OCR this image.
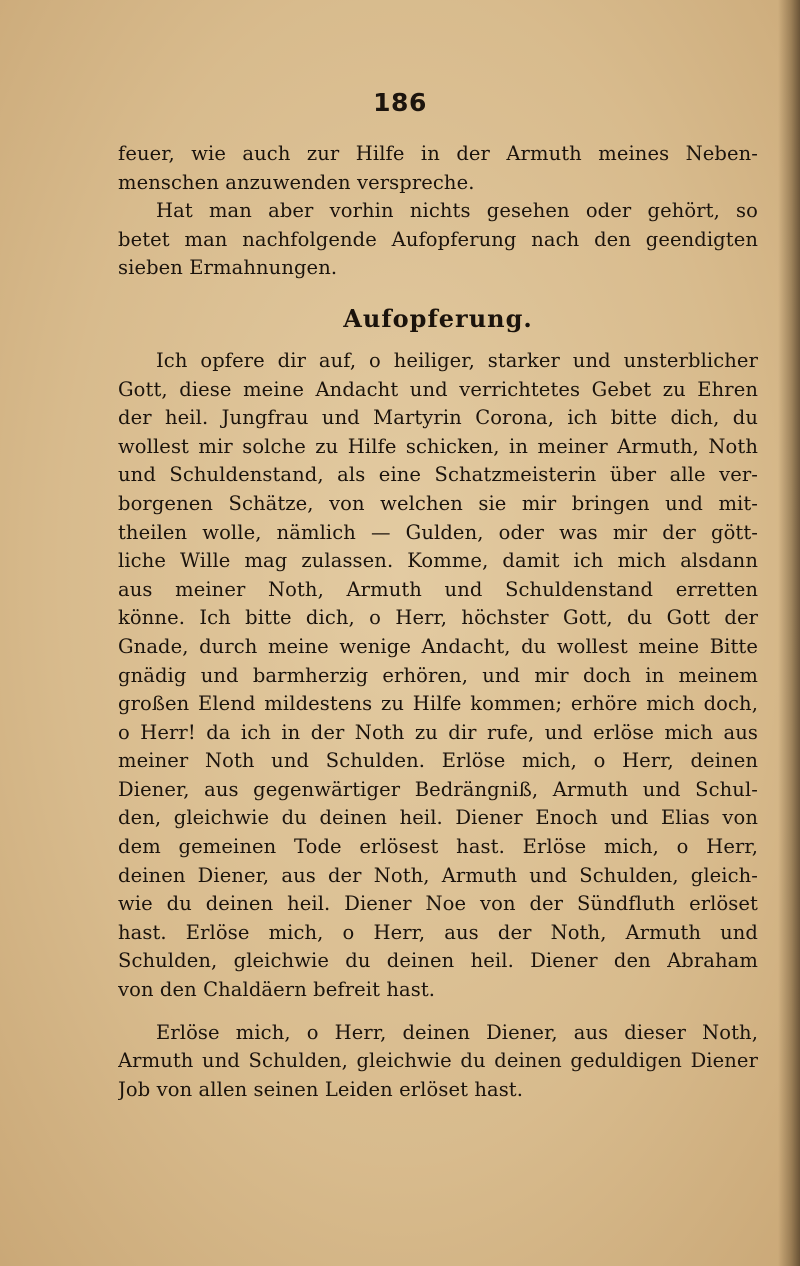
186
feuer, wie auch zur Hilfe in der Armuth meines Neben-
menschen anzuwenden verspreche.
Hat man aber vorhin nichts gesehen oder gehört, so
betet man nachfolgende Aufopferung nach den geendigten
sieben Ermahnungen.
Aufopferung.
Ich opfere dir auf, o heiliger, starker und unsterblicher
Gott, diese meine Andacht und verrichtetes Gebet zu Ehren
der heil. Jungfrau und Martyrin Corona, ich bitte dich, du
wollest mir solche zu Hilfe schicken, in meiner Armuth, Noth
und Schuldenstand, als eine Schatzmeisterin über alle ver-
borgenen Schätze, von welchen sie mir bringen und mit-
theilen wolle, nämlich — Gulden, oder was mir der gött-
liche Wille mag zulassen. Komme, damit ich mich alsdann
aus meiner Noth, Armuth und Schuldenstand erretten
könne. Ich bitte dich, o Herr, höchster Gott, du Gott der
Gnade, durch meine wenige Andacht, du wollest meine Bitte
gnädig und barmherzig erhören, und mir doch in meinem
großen Elend mildestens zu Hilfe kommen; erhöre mich doch,
o Herr! da ich in der Noth zu dir rufe, und erlöse mich aus
meiner Noth und Schulden. Erlöse mich, o Herr, deinen
Diener, aus gegenwärtiger Bedrängniß, Armuth und Schul-
den, gleichwie du deinen heil. Diener Enoch und Elias von
dem gemeinen Tode erlösest hast. Erlöse mich, o Herr,
deinen Diener, aus der Noth, Armuth und Schulden, gleich-
wie du deinen heil. Diener Noe von der Sündfluth erlöset
hast. Erlöse mich, o Herr, aus der Noth, Armuth und
Schulden, gleichwie du deinen heil. Diener den Abraham
von den Chaldäern befreit hast.
Erlöse mich, o Herr, deinen Diener, aus dieser Noth,
Armuth und Schulden, gleichwie du deinen geduldigen Diener
Job von allen seinen Leiden erlöset hast.
